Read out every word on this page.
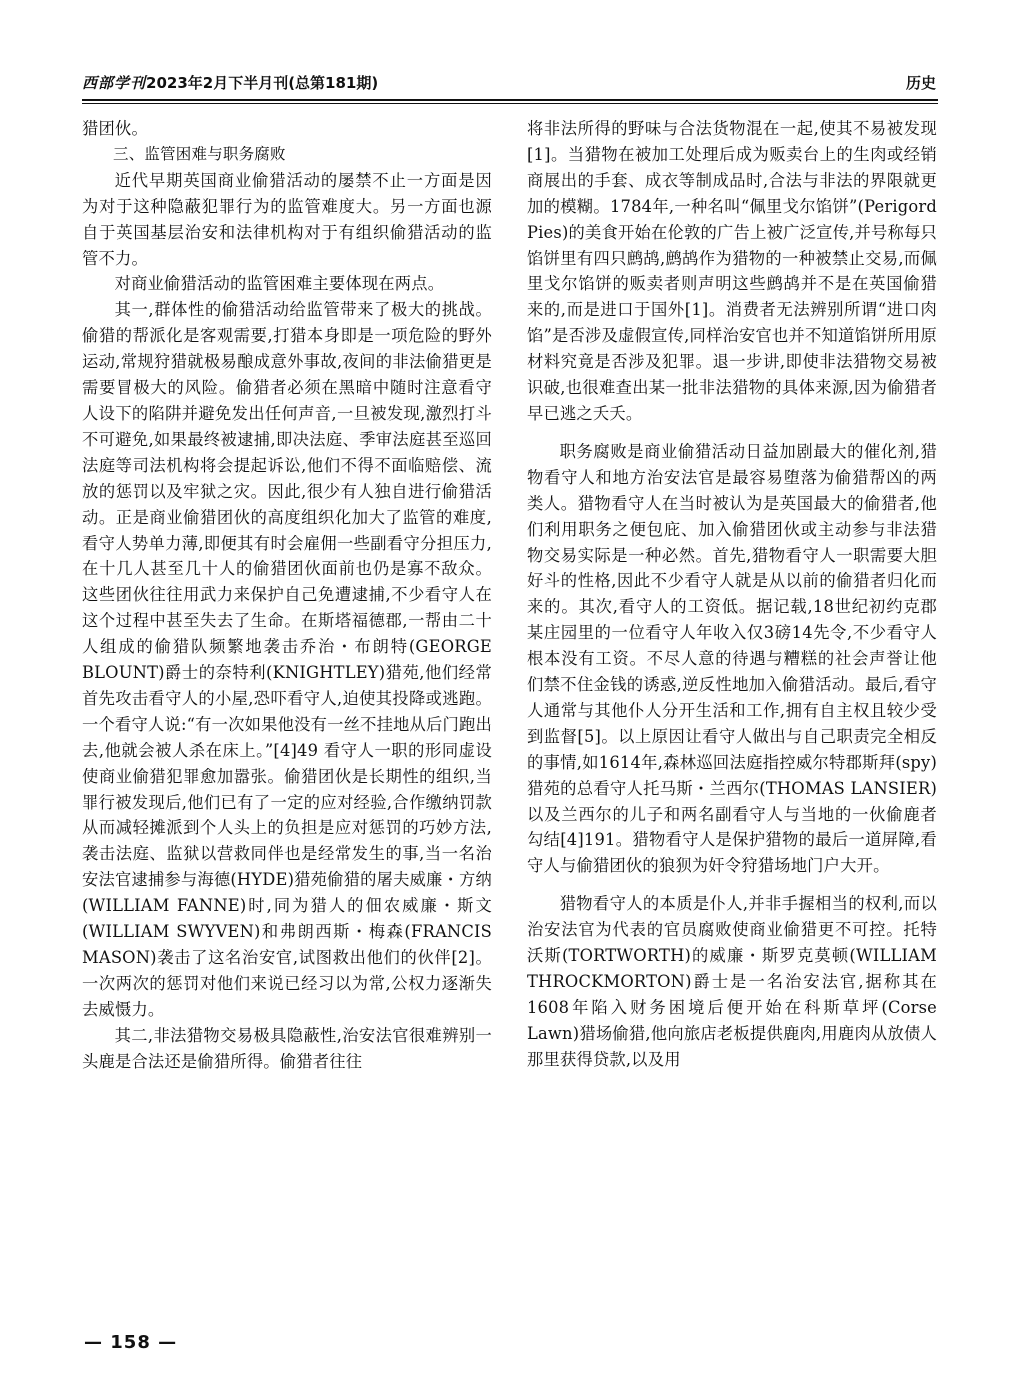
西部学刊2023年2月下半月刊(总第181期)	历史

猎团伙。

三、监管困难与职务腐败

近代早期英国商业偷猎活动的屡禁不止一方面是因为对于这种隐蔽犯罪行为的监管难度大。另一方面也源自于英国基层治安和法律机构对于有组织偷猎活动的监管不力。

对商业偷猎活动的监管困难主要体现在两点。

其一,群体性的偷猎活动给监管带来了极大的挑战。偷猎的帮派化是客观需要,打猎本身即是一项危险的野外运动,常规狩猎就极易酿成意外事故,夜间的非法偷猎更是需要冒极大的风险。偷猎者必须在黑暗中随时注意看守人设下的陷阱并避免发出任何声音,一旦被发现,激烈打斗不可避免,如果最终被逮捕,即决法庭、季审法庭甚至巡回法庭等司法机构将会提起诉讼,他们不得不面临赔偿、流放的惩罚以及牢狱之灾。因此,很少有人独自进行偷猎活动。正是商业偷猎团伙的高度组织化加大了监管的难度,看守人势单力薄,即便其有时会雇佣一些副看守分担压力,在十几人甚至几十人的偷猎团伙面前也仍是寡不敌众。这些团伙往往用武力来保护自己免遭逮捕,不少看守人在这个过程中甚至失去了生命。在斯塔福德郡,一帮由二十人组成的偷猎队频繁地袭击乔治・布朗特(GEORGE BLOUNT)爵士的奈特利(KNIGHTLEY)猎苑,他们经常首先攻击看守人的小屋,恐吓看守人,迫使其投降或逃跑。一个看守人说:“有一次如果他没有一丝不挂地从后门跑出去,他就会被人杀在床上。”[4]49 看守人一职的形同虚设使商业偷猎犯罪愈加嚣张。偷猎团伙是长期性的组织,当罪行被发现后,他们已有了一定的应对经验,合作缴纳罚款从而减轻摊派到个人头上的负担是应对惩罚的巧妙方法,袭击法庭、监狱以营救同伴也是经常发生的事,当一名治安法官逮捕参与海德(HYDE)猎苑偷猎的屠夫威廉・方纳(WILLIAM FANNE)时,同为猎人的佃农威廉・斯文(WILLIAM SWYVEN)和弗朗西斯・梅森(FRANCIS MASON)袭击了这名治安官,试图救出他们的伙伴[2]。一次两次的惩罚对他们来说已经习以为常,公权力逐渐失去威慑力。

其二,非法猎物交易极具隐蔽性,治安法官很难辨别一头鹿是合法还是偷猎所得。偷猎者往往

将非法所得的野味与合法货物混在一起,使其不易被发现[1]。当猎物在被加工处理后成为贩卖台上的生肉或经销商展出的手套、成衣等制成品时,合法与非法的界限就更加的模糊。1784年,一种名叫“佩里戈尔馅饼”(Perigord Pies)的美食开始在伦敦的广告上被广泛宣传,并号称每只馅饼里有四只鹧鸪,鹧鸪作为猎物的一种被禁止交易,而佩里戈尔馅饼的贩卖者则声明这些鹧鸪并不是在英国偷猎来的,而是进口于国外[1]。消费者无法辨别所谓“进口肉馅”是否涉及虚假宣传,同样治安官也并不知道馅饼所用原材料究竟是否涉及犯罪。退一步讲,即使非法猎物交易被识破,也很难查出某一批非法猎物的具体来源,因为偷猎者早已逃之夭夭。

职务腐败是商业偷猎活动日益加剧最大的催化剂,猎物看守人和地方治安法官是最容易堕落为偷猎帮凶的两类人。猎物看守人在当时被认为是英国最大的偷猎者,他们利用职务之便包庇、加入偷猎团伙或主动参与非法猎物交易实际是一种必然。首先,猎物看守人一职需要大胆好斗的性格,因此不少看守人就是从以前的偷猎者归化而来的。其次,看守人的工资低。据记载,18世纪初约克郡某庄园里的一位看守人年收入仅3磅14先令,不少看守人根本没有工资。不尽人意的待遇与糟糕的社会声誉让他们禁不住金钱的诱惑,逆反性地加入偷猎活动。最后,看守人通常与其他仆人分开生活和工作,拥有自主权且较少受到监督[5]。以上原因让看守人做出与自己职责完全相反的事情,如1614年,森林巡回法庭指控威尔特郡斯拜(spy)猎苑的总看守人托马斯・兰西尔(THOMAS LANSIER)以及兰西尔的儿子和两名副看守人与当地的一伙偷鹿者勾结[4]191。猎物看守人是保护猎物的最后一道屏障,看守人与偷猎团伙的狼狈为奸令狩猎场地门户大开。

猎物看守人的本质是仆人,并非手握相当的权利,而以治安法官为代表的官员腐败使商业偷猎更不可控。托特沃斯(TORTWORTH)的威廉・斯罗克莫顿(WILLIAM THROCKMORTON)爵士是一名治安法官,据称其在1608年陷入财务困境后便开始在科斯草坪(Corse Lawn)猎场偷猎,他向旅店老板提供鹿肉,用鹿肉从放债人那里获得贷款,以及用

— 158 —
